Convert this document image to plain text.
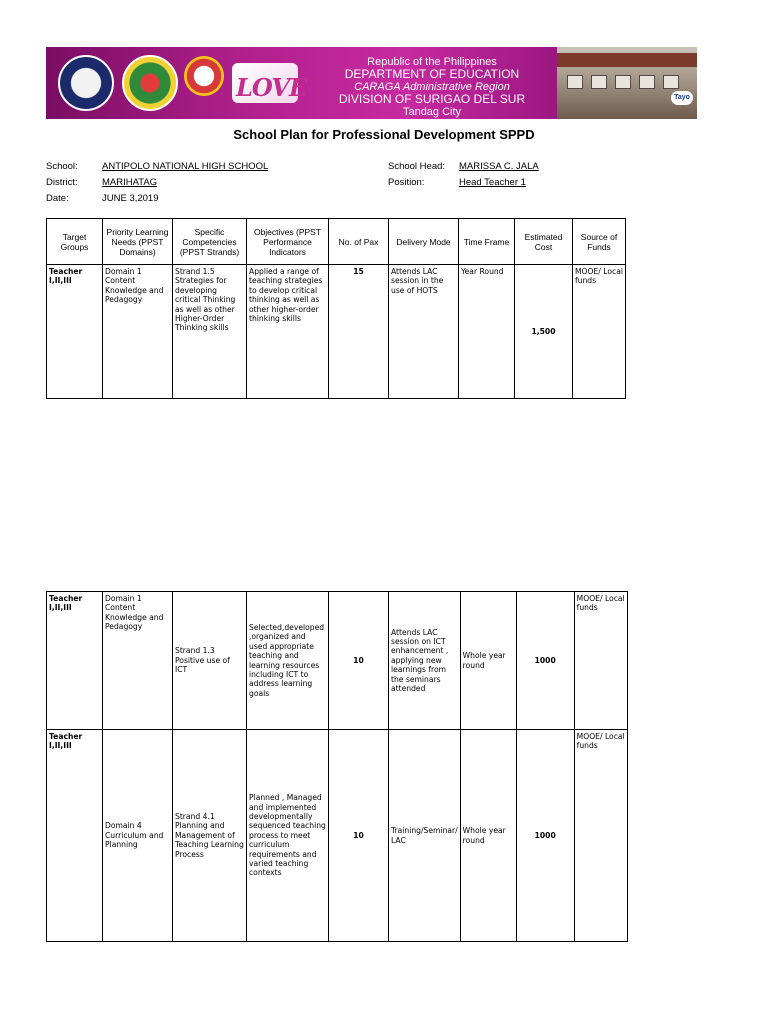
LOVE
Republic of the Philippines
DEPARTMENT OF EDUCATION
CARAGA Administrative Region
DIVISION OF SURIGAO DEL SUR
Tandag City
Tayo
School Plan for Professional Development SPPD
School:	ANTIPOLO NATIONAL HIGH SCHOOL
District:	MARIHATAG
Date:	JUNE 3,2019
School Head: MARISSA C. JALA
Position:	Head Teacher 1
Target Groups	Priority Learning Needs (PPST Domains)	Specific Competencies (PPST Strands)	Objectives (PPST Performance Indicators	No. of Pax	Delivery Mode	Time Frame	Estimated Cost	Source of Funds
Teacher I,II,III	Domain 1 Content Knowledge and Pedagogy	Strand 1.5 Strategies for developing critical Thinking as well as other Higher-Order Thinking skills	Applied a range of teaching strategies to develop critical thinking as well as other higher-order thinking skills	15	Attends LAC session in the use of HOTS	Year Round	1,500	MOOE/ Local funds
Teacher I,II,III	Domain 1 Content Knowledge and Pedagogy	Strand 1.3 Positive use of ICT	Selected,developed ,organized and used appropriate teaching and learning resources including ICT to address learning goals	10	Attends LAC session on ICT enhancement , applying new learnings from the seminars attended	Whole year round	1000	MOOE/ Local funds
Teacher I,II,III	Domain 4 Curriculum and Planning	Strand 4.1 Planning and Management of Teaching Learning Process	Planned , Managed and implemented developmentally sequenced teaching process to meet curriculum requirements and varied teaching contexts	10	Training/Seminar/ LAC	Whole year round	1000	MOOE/ Local funds
